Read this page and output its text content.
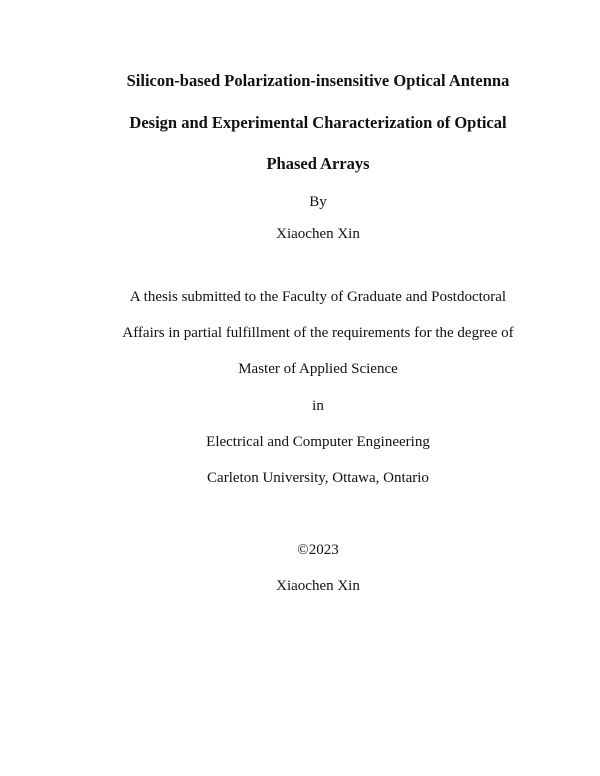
Silicon-based Polarization-insensitive Optical Antenna
Design and Experimental Characterization of Optical
Phased Arrays
By
Xiaochen Xin
A thesis submitted to the Faculty of Graduate and Postdoctoral
Affairs in partial fulfillment of the requirements for the degree of
Master of Applied Science
in
Electrical and Computer Engineering
Carleton University, Ottawa, Ontario
©2023
Xiaochen Xin
